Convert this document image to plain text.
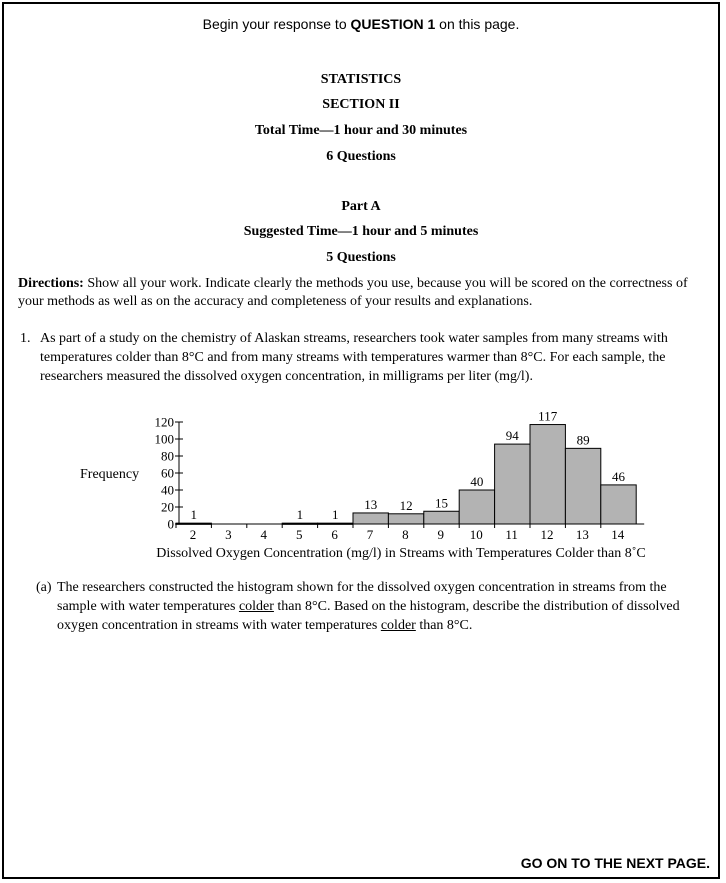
Begin your response to QUESTION 1 on this page.
STATISTICS
SECTION II
Total Time—1 hour and 30 minutes
6 Questions
Part A
Suggested Time—1 hour and 5 minutes
5 Questions
Directions: Show all your work. Indicate clearly the methods you use, because you will be scored on the correctness of your methods as well as on the accuracy and completeness of your results and explanations.
1. As part of a study on the chemistry of Alaskan streams, researchers took water samples from many streams with temperatures colder than 8°C and from many streams with temperatures warmer than 8°C. For each sample, the researchers measured the dissolved oxygen concentration, in milligrams per liter (mg/l).
1	1 1
13 12 15
40
94
117
89
46
2 3 4 5 6 7 8 9 10 11 12 13 14
0
20
40
60
80
100
120
Frequency
Dissolved Oxygen Concentration (mg/l) in Streams with Temperatures Colder than 8˚C
(a) The researchers constructed the histogram shown for the dissolved oxygen concentration in streams from the sample with water temperatures colder than 8°C. Based on the histogram, describe the distribution of dissolved oxygen concentration in streams with water temperatures colder than 8°C.
GO ON TO THE NEXT PAGE.
